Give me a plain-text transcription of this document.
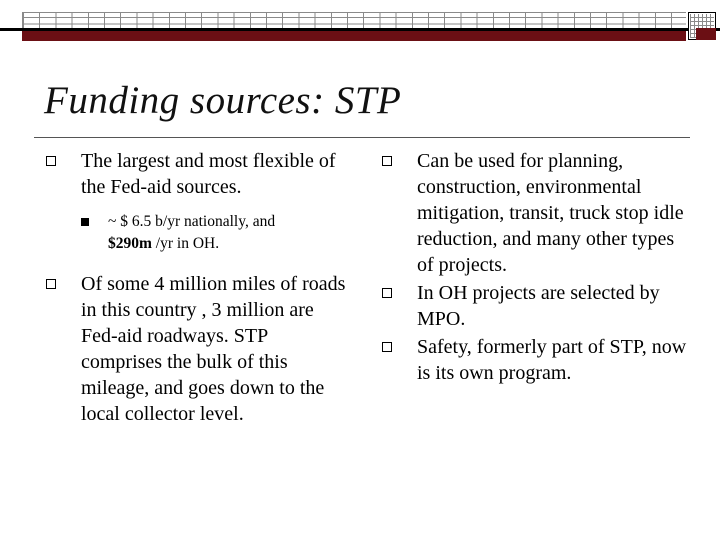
Funding sources: STP
The largest and most flexible of the Fed-aid sources.
~ $ 6.5 b/yr nationally, and
$290m /yr in OH.
Of some 4 million miles of roads in this country , 3 million are Fed-aid roadways. STP comprises the bulk of this mileage, and goes down to the local collector level.
Can be used for planning, construction, environmental mitigation, transit, truck stop idle reduction, and many other types of projects.
In OH projects are selected by MPO.
Safety, formerly part of STP, now is its own program.
